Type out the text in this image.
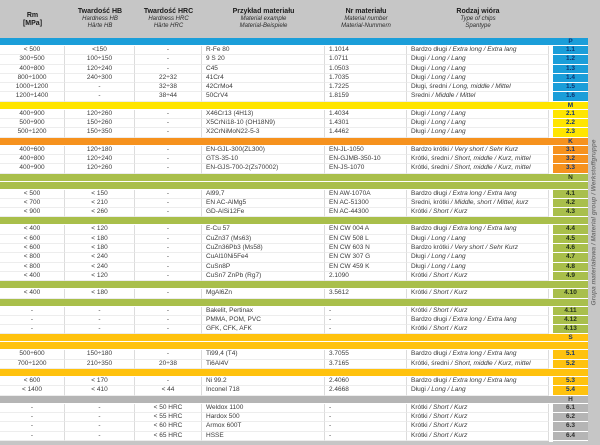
Rm
[MPa]
Twardość HB
Hardness HB
Härte HB
Twardość HRC
Hardness HRC
Härte HRC
Przykład materiału
Material example
Material-Beispiele
Nr materiału
Material number
Material-Nummern
Rodzaj wióra
Type of chips
Spantype
P
< 500	<150	-	R-Fe 80	1.1014	Bardzo długi / Extra long / Extra lang	1.1
300÷500	100÷150	-	9 S 20	1.0711	Długi / Long / Lang	1.2
400÷800	120÷240	-	C45	1.0503	Długi / Long / Lang	1.3
800÷1000	240÷300	22÷32	41Cr4	1.7035	Długi / Long / Lang	1.4
1000÷1200	-	32÷38	42CrMo4	1.7225	Długi, średni / Long, middle / Mittel	1.5
1200÷1400	-	38÷44	50CrV4	1.8159	Średni / Middle / Mittel	1.6
M
400÷900	120÷260	-	X46Cr13 (4H13)	1.4034	Długi / Long / Lang	2.1
500÷900	150÷260	-	X5CrNi18-10 (OH18N9)	1.4301	Długi / Long / Lang	2.2
500÷1200	150÷350	-	X2CrNiMoN22-5-3	1.4462	Długi / Long / Lang	2.3
K
400÷600	120÷180	-	EN-GJL-300(ZL300)	EN-JL-1050	Bardzo krótki / Very short / Sehr Kurz	3.1
400÷800	120÷240	-	GTS-35-10	EN-GJMB-350-10	Krótki, średni / Short, middle / Kurz, mittel	3.2
400÷900	120÷260	-	EN-GJS-700-2(Zs70002)	EN-JS-1070	Krótki, średni / Short, middle / Kurz, mittel	3.3
N
< 500	< 150	-	Al99,7	EN AW-1070A	Bardzo długi / Extra long / Extra lang	4.1
< 700	< 210	-	EN AC-AlMg5	EN AC-51300	Średni, krótki / Middle, short / Mittel, kurz	4.2
< 900	< 260	-	GD-AlSi12Fe	EN AC-44300	Krótki / Short / Kurz	4.3
< 400	< 120	-	E-Cu 57	EN CW 004 A	Bardzo długi / Extra long / Extra lang	4.4
< 600	< 180	-	CuZn37 (Ms63)	EN CW 508 L	Długi / Long / Lang	4.5
< 600	< 180	-	CuZn36Pb3 (Ms58)	EN CW 603 N	Bardzo krótki / Very short / Sehr Kurz	4.6
< 800	< 240	-	CuAl10Ni5Fe4	EN CW 307 G	Długi / Long / Lang	4.7
< 800	< 240	-	CuSn8P	EN CW 459 K	Długi / Long / Lang	4.8
< 400	< 120	-	CuSn7 ZnPb (Rg7)	2.1090	Krótki / Short / Kurz	4.9
< 400	< 180	-	MgAl6Zn	3.5612	Krótki / Short / Kurz	4.10
-	-	-	Bakelit, Pertinax	-	Krótki / Short / Kurz	4.11
-	-	-	PMMA, POM, PVC	-	Bardzo długi / Extra long / Extra lang	4.12
-	-	-	GFK, CFK, AFK	-	Krótki / Short / Kurz	4.13
S
500÷600	150÷180	-	Ti99,4 (T4)	3.7055	Bardzo długi / Extra long / Extra lang	5.1
700÷1200	210÷350	20÷38	Ti6Al4V	3.7165	Krótki, średni / Short, middle / Kurz, mittel	5.2
< 600	< 170	-	Ni 99.2	2.4060	Bardzo długi / Extra long / Extra lang	5.3
< 1400	< 410	< 44	Inconel 718	2.4668	Długi / Long / Lang	5.4
H
-	-	< 50 HRC	Weldox 1100	-	Krótki / Short / Kurz	6.1
-	-	< 55 HRC	Hardox 500	-	Krótki / Short / Kurz	6.2
-	-	< 60 HRC	Armox 600T	-	Krótki / Short / Kurz	6.3
-	-	< 65 HRC	HSSE	-	Krótki / Short / Kurz	6.4
Grupa materiałowa / Material group / Werkstoffgruppe
